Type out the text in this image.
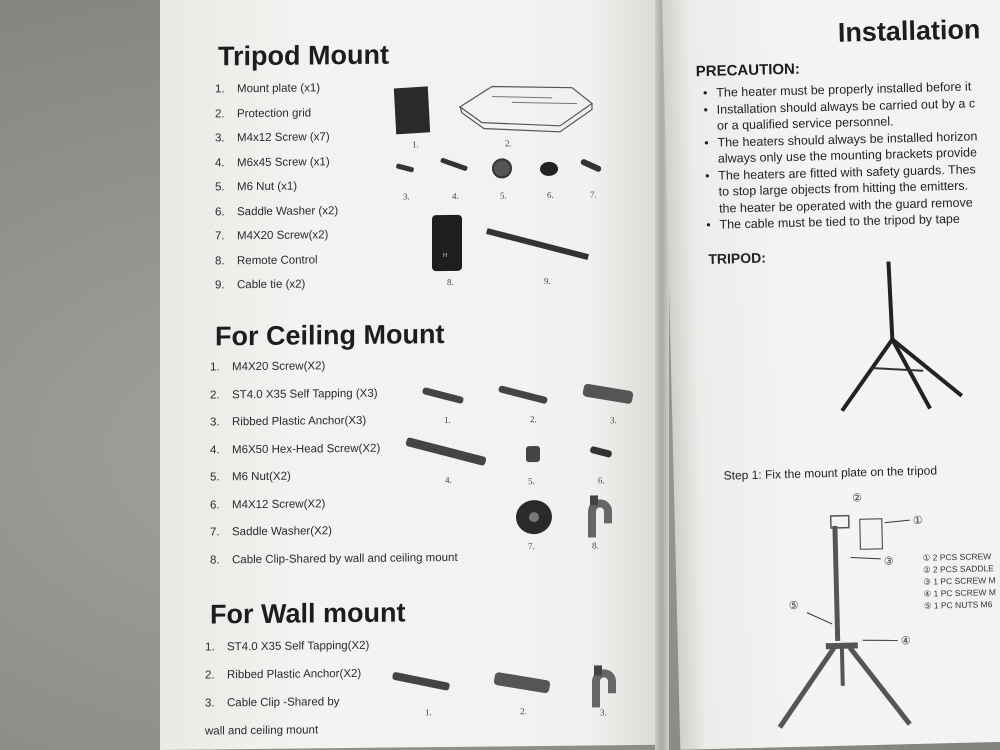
Tripod Mount
1. Mount plate (x1)
2. Protection grid
3. M4x12 Screw (x7)
4. M6x45 Screw (x1)
5. M6 Nut (x1)
6. Saddle Washer (x2)
7. M4X20 Screw(x2)
8. Remote Control
9. Cable tie (x2)
H
1.	2.
3.	4.	5.	6.	7.
8.	9.
For Ceiling Mount
1. M4X20 Screw(X2)
2. ST4.0 X35 Self Tapping (X3)
3. Ribbed Plastic Anchor(X3)
4. M6X50 Hex-Head Screw(X2)
5. M6 Nut(X2)
6. M4X12 Screw(X2)
7. Saddle Washer(X2)
8. Cable Clip-Shared by wall and ceiling mount
1.	2.	3.
4.	5.	6.
7.	8.
For Wall mount
1. ST4.0 X35 Self Tapping(X2)
2. Ribbed Plastic Anchor(X2)
3. Cable Clip -Shared by
wall and ceiling mount
1.	2.	3.
Installation
PRECAUTION:
• The heater must be properly installed before it
• Installation should always be carried out by a c
or a qualified service personnel.
• The heaters should always be installed horizon
always only use the mounting brackets provide
• The heaters are fitted with safety guards. Thes
to stop large objects from hitting the emitters.
the heater be operated with the guard remove
• The cable must be tied to the tripod by tape
TRIPOD:
Step 1: Fix the mount plate on the tripod
②
①
③
⑤
④
① 2 PCS SCREW
② 2 PCS SADDLE
③ 1 PC SCREW M
④ 1 PC SCREW M
⑤ 1 PC NUTS M6
